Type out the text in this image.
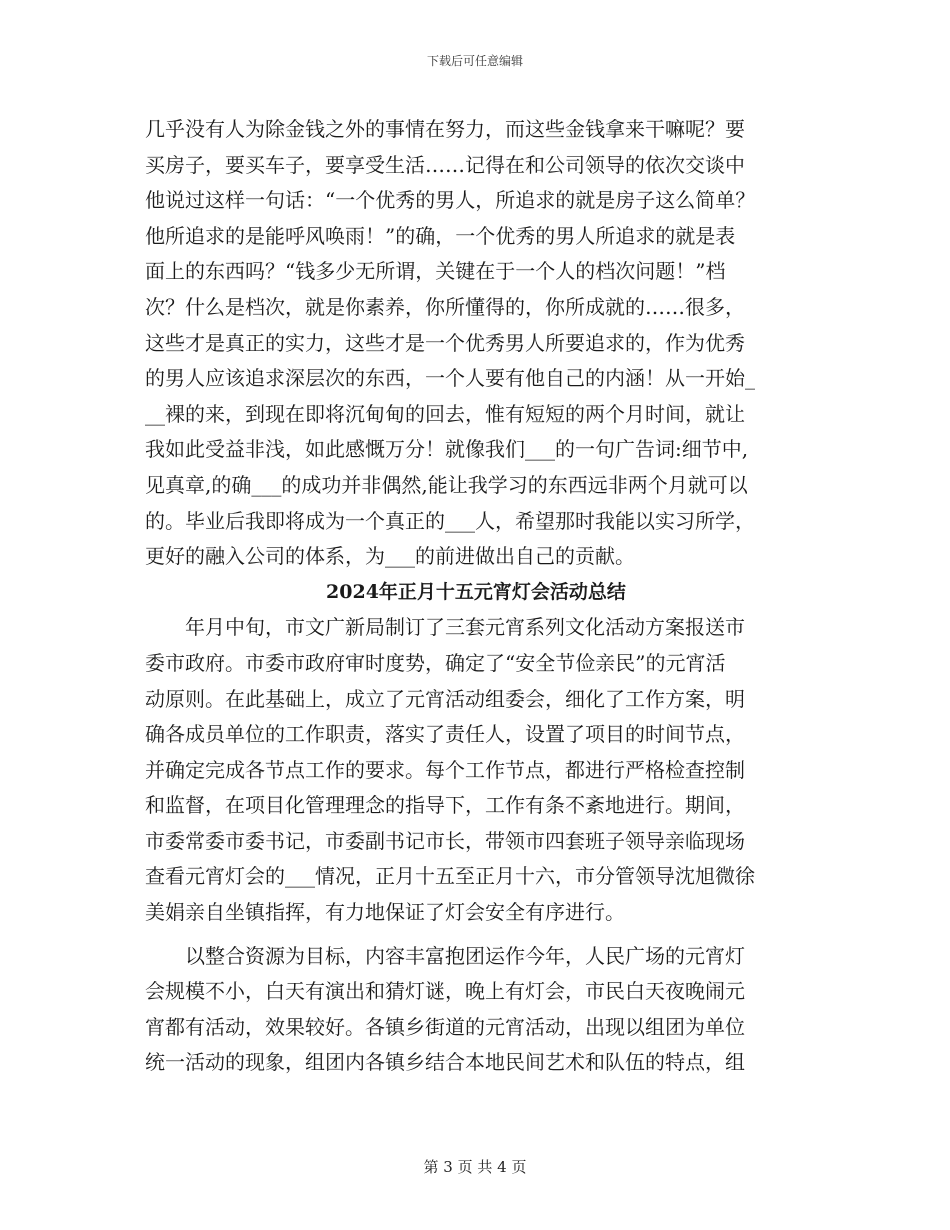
下载后可任意编辑
几乎没有人为除金钱之外的事情在努力，而这些金钱拿来干嘛呢？要
买房子，要买车子，要享受生活……记得在和公司领导的依次交谈中
他说过这样一句话：“一个优秀的男人，所追求的就是房子这么简单？
他所追求的是能呼风唤雨！”的确，一个优秀的男人所追求的就是表
面上的东西吗？“钱多少无所谓，关键在于一个人的档次问题！”档
次？什么是档次，就是你素养，你所懂得的，你所成就的……很多，
这些才是真正的实力，这些才是一个优秀男人所要追求的，作为优秀
的男人应该追求深层次的东西，一个人要有他自己的内涵！从一开始_
__裸的来，到现在即将沉甸甸的回去，惟有短短的两个月时间，就让
我如此受益非浅，如此感慨万分！就像我们___的一句广告词:细节中,
见真章,的确___的成功并非偶然,能让我学习的东西远非两个月就可以
的。毕业后我即将成为一个真正的___人，希望那时我能以实习所学，
更好的融入公司的体系，为___的前进做出自己的贡献。
2024年正月十五元宵灯会活动总结
　　年月中旬，市文广新局制订了三套元宵系列文化活动方案报送市
委市政府。市委市政府审时度势，确定了“安全节俭亲民”的元宵活
动原则。在此基础上，成立了元宵活动组委会，细化了工作方案，明
确各成员单位的工作职责，落实了责任人，设置了项目的时间节点，
并确定完成各节点工作的要求。每个工作节点，都进行严格检查控制
和监督，在项目化管理理念的指导下，工作有条不紊地进行。期间，
市委常委市委书记，市委副书记市长，带领市四套班子领导亲临现场
查看元宵灯会的___情况，正月十五至正月十六，市分管领导沈旭微徐
美娟亲自坐镇指挥，有力地保证了灯会安全有序进行。
　　以整合资源为目标，内容丰富抱团运作今年，人民广场的元宵灯
会规模不小，白天有演出和猜灯谜，晚上有灯会，市民白天夜晚闹元
宵都有活动，效果较好。各镇乡街道的元宵活动，出现以组团为单位
统一活动的现象，组团内各镇乡结合本地民间艺术和队伍的特点，组
第 3 页 共 4 页
